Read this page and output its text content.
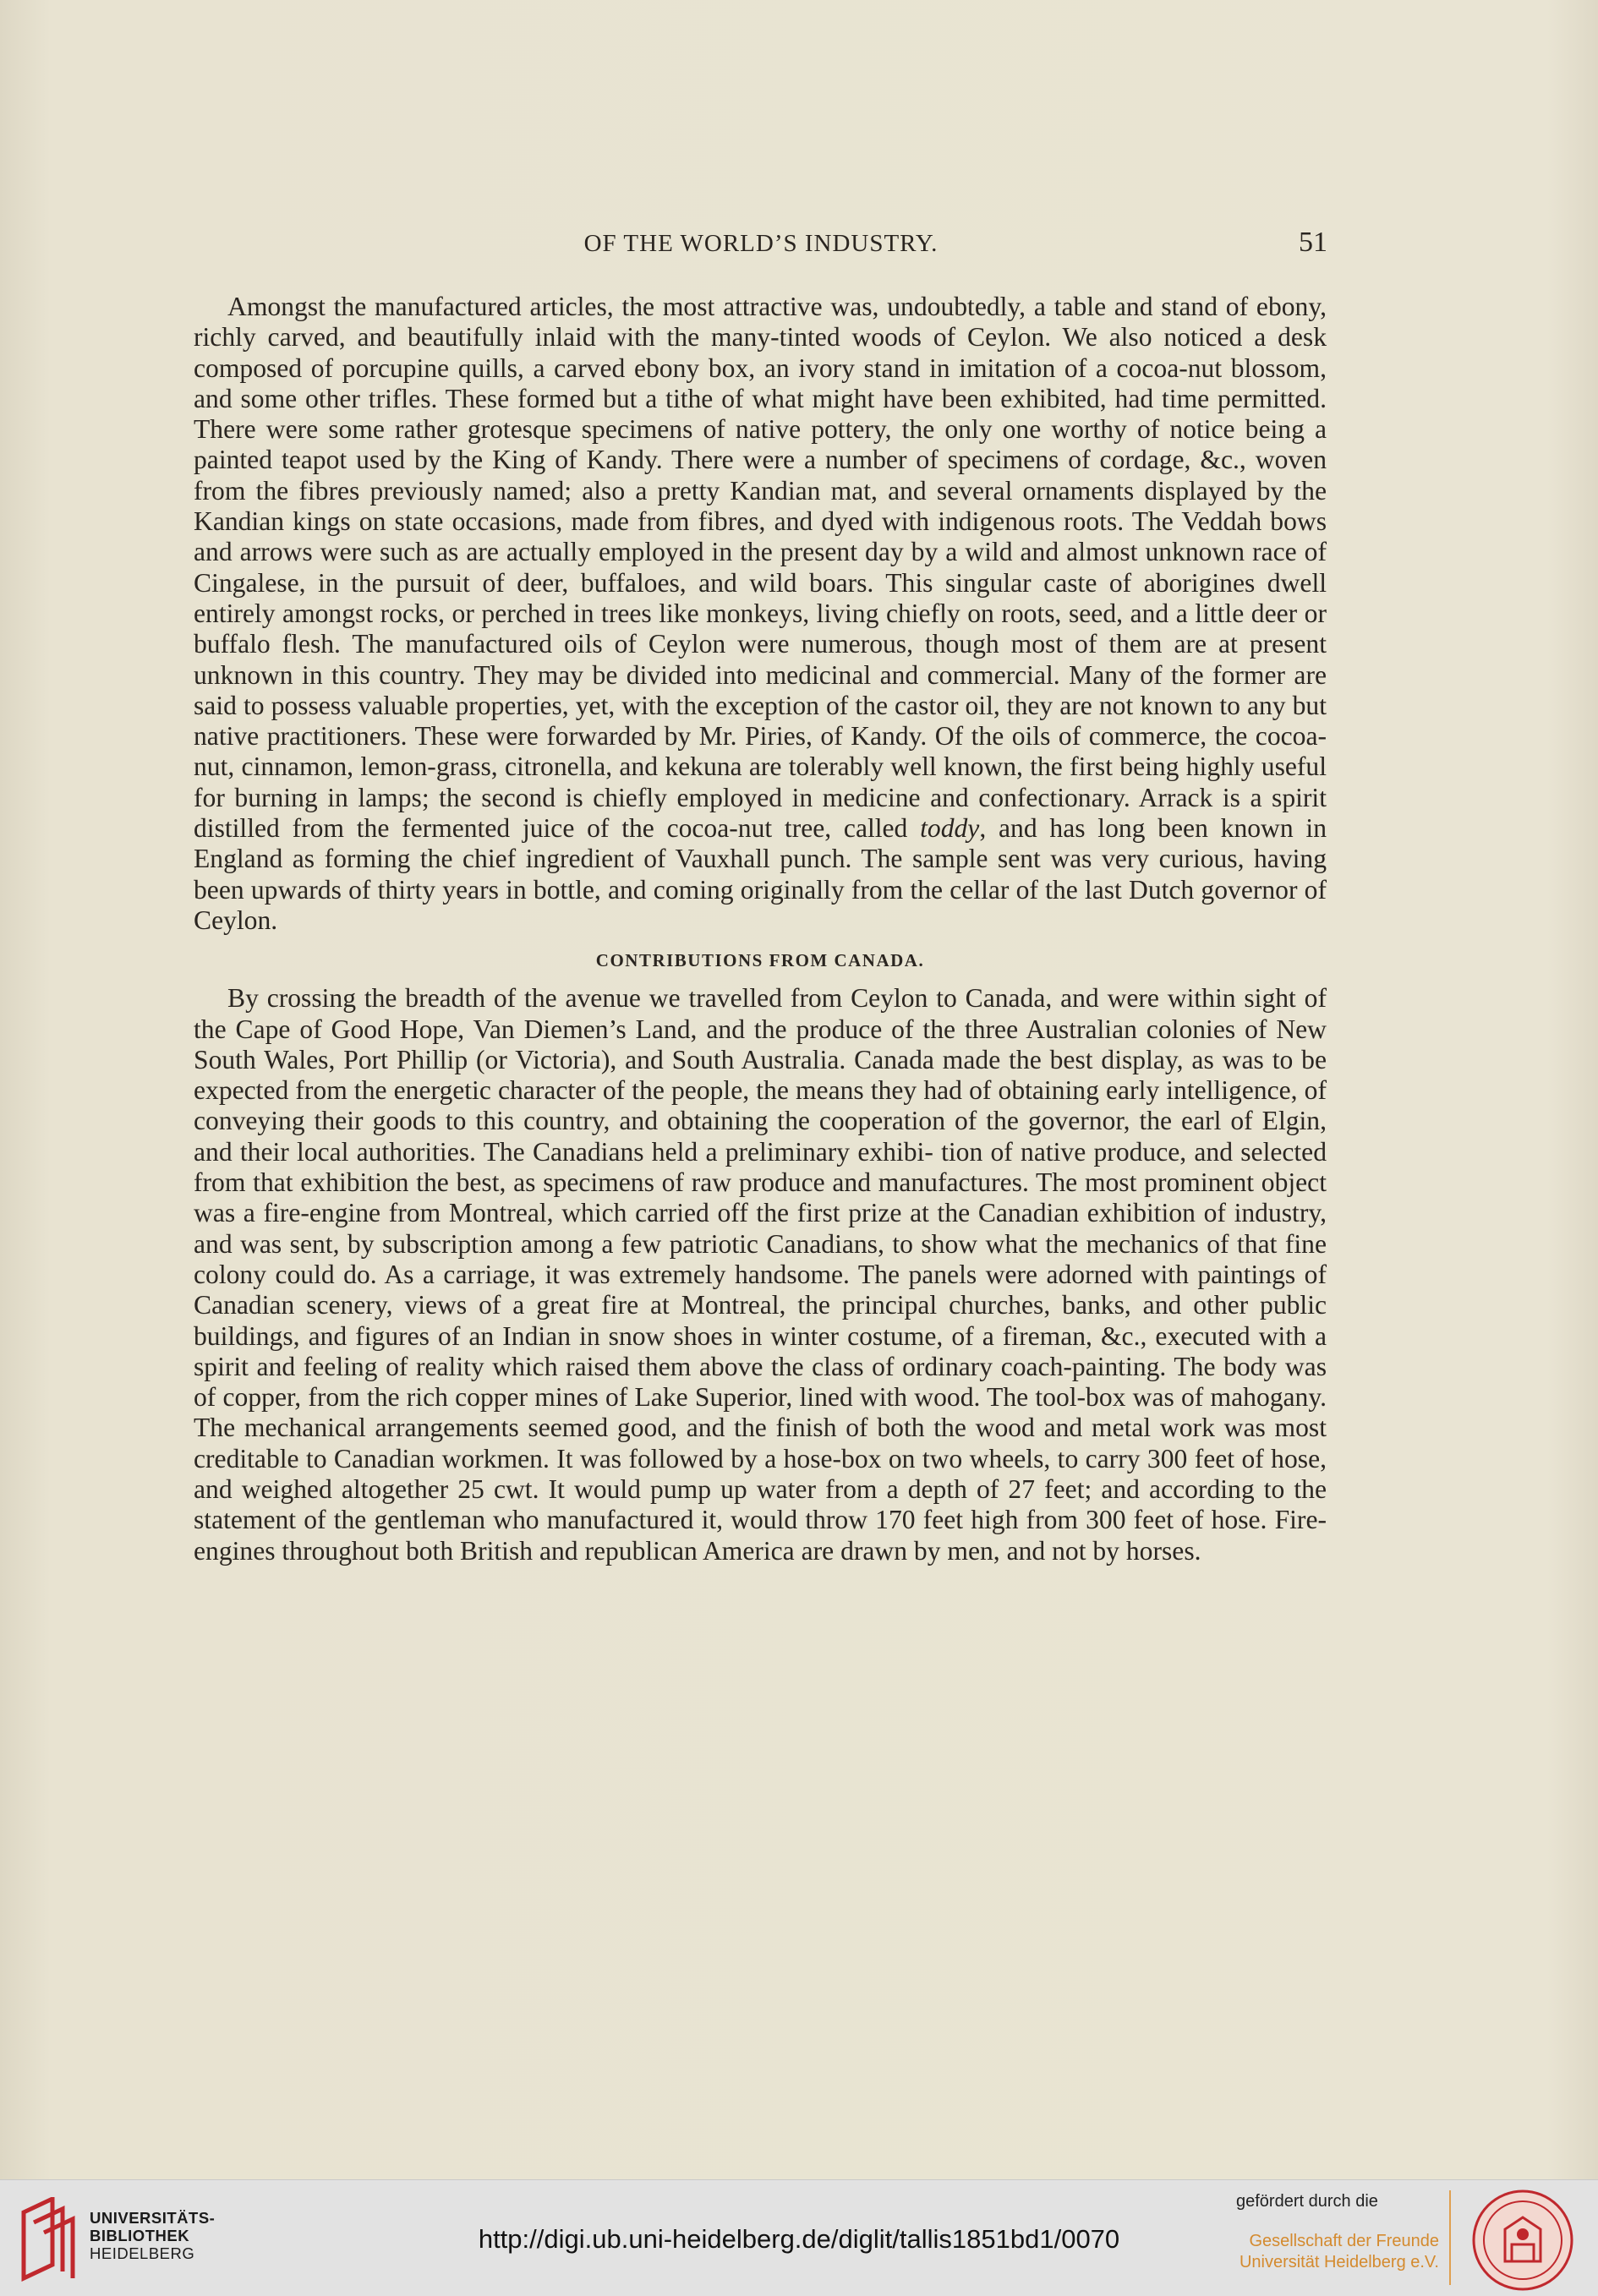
OF THE WORLD’S INDUSTRY.	51

Amongst the manufactured articles, the most attractive was, undoubtedly, a table and stand of ebony, richly carved, and beautifully inlaid with the many-tinted woods of Ceylon. We also noticed a desk composed of porcupine quills, a carved ebony box, an ivory stand in imitation of a cocoa-nut blossom, and some other trifles. These formed but a tithe of what might have been exhibited, had time permitted. There were some rather grotesque specimens of native pottery, the only one worthy of notice being a painted teapot used by the King of Kandy. There were a number of specimens of cordage, &c., woven from the fibres previously named; also a pretty Kandian mat, and several ornaments displayed by the Kandian kings on state occasions, made from fibres, and dyed with indigenous roots. The Veddah bows and arrows were such as are actually employed in the present day by a wild and almost unknown race of Cingalese, in the pursuit of deer, buffaloes, and wild boars. This singular caste of aborigines dwell entirely amongst rocks, or perched in trees like monkeys, living chiefly on roots, seed, and a little deer or buffalo flesh. The manufactured oils of Ceylon were numerous, though most of them are at present unknown in this country. They may be divided into medicinal and commercial. Many of the former are said to possess valuable properties, yet, with the exception of the castor oil, they are not known to any but native practitioners. These were forwarded by Mr. Piries, of Kandy. Of the oils of commerce, the cocoa-nut, cinnamon, lemon-grass, citronella, and kekuna are tolerably well known, the first being highly useful for burning in lamps; the second is chiefly employed in medicine and confectionary. Arrack is a spirit distilled from the fermented juice of the cocoa-nut tree, called toddy, and has long been known in England as forming the chief ingredient of Vauxhall punch. The sample sent was very curious, having been upwards of thirty years in bottle, and coming originally from the cellar of the last Dutch governor of Ceylon.

CONTRIBUTIONS FROM CANADA.

By crossing the breadth of the avenue we travelled from Ceylon to Canada, and were within sight of the Cape of Good Hope, Van Diemen’s Land, and the produce of the three Australian colonies of New South Wales, Port Phillip (or Victoria), and South Australia. Canada made the best display, as was to be expected from the energetic character of the people, the means they had of obtaining early intelligence, of conveying their goods to this country, and obtaining the cooperation of the governor, the earl of Elgin, and their local authorities. The Canadians held a preliminary exhibi- tion of native produce, and selected from that exhibition the best, as specimens of raw produce and manufactures. The most prominent object was a fire-engine from Montreal, which carried off the first prize at the Canadian exhibition of industry, and was sent, by subscription among a few patriotic Canadians, to show what the mechanics of that fine colony could do. As a carriage, it was extremely handsome. The panels were adorned with paintings of Canadian scenery, views of a great fire at Montreal, the principal churches, banks, and other public buildings, and figures of an Indian in snow shoes in winter costume, of a fireman, &c., executed with a spirit and feeling of reality which raised them above the class of ordinary coach-painting. The body was of copper, from the rich copper mines of Lake Superior, lined with wood. The tool-box was of mahogany. The mechanical arrangements seemed good, and the finish of both the wood and metal work was most creditable to Canadian workmen. It was followed by a hose-box on two wheels, to carry 300 feet of hose, and weighed altogether 25 cwt. It would pump up water from a depth of 27 feet; and according to the statement of the gentleman who manufactured it, would throw 170 feet high from 300 feet of hose. Fire-engines throughout both British and republican America are drawn by men, and not by horses.

UNIVERSITÄTS-
BIBLIOTHEK
HEIDELBERG	http://digi.ub.uni-heidelberg.de/diglit/tallis1851bd1/0070
gefördert durch die
Gesellschaft der Freunde
Universität Heidelberg e.V.
